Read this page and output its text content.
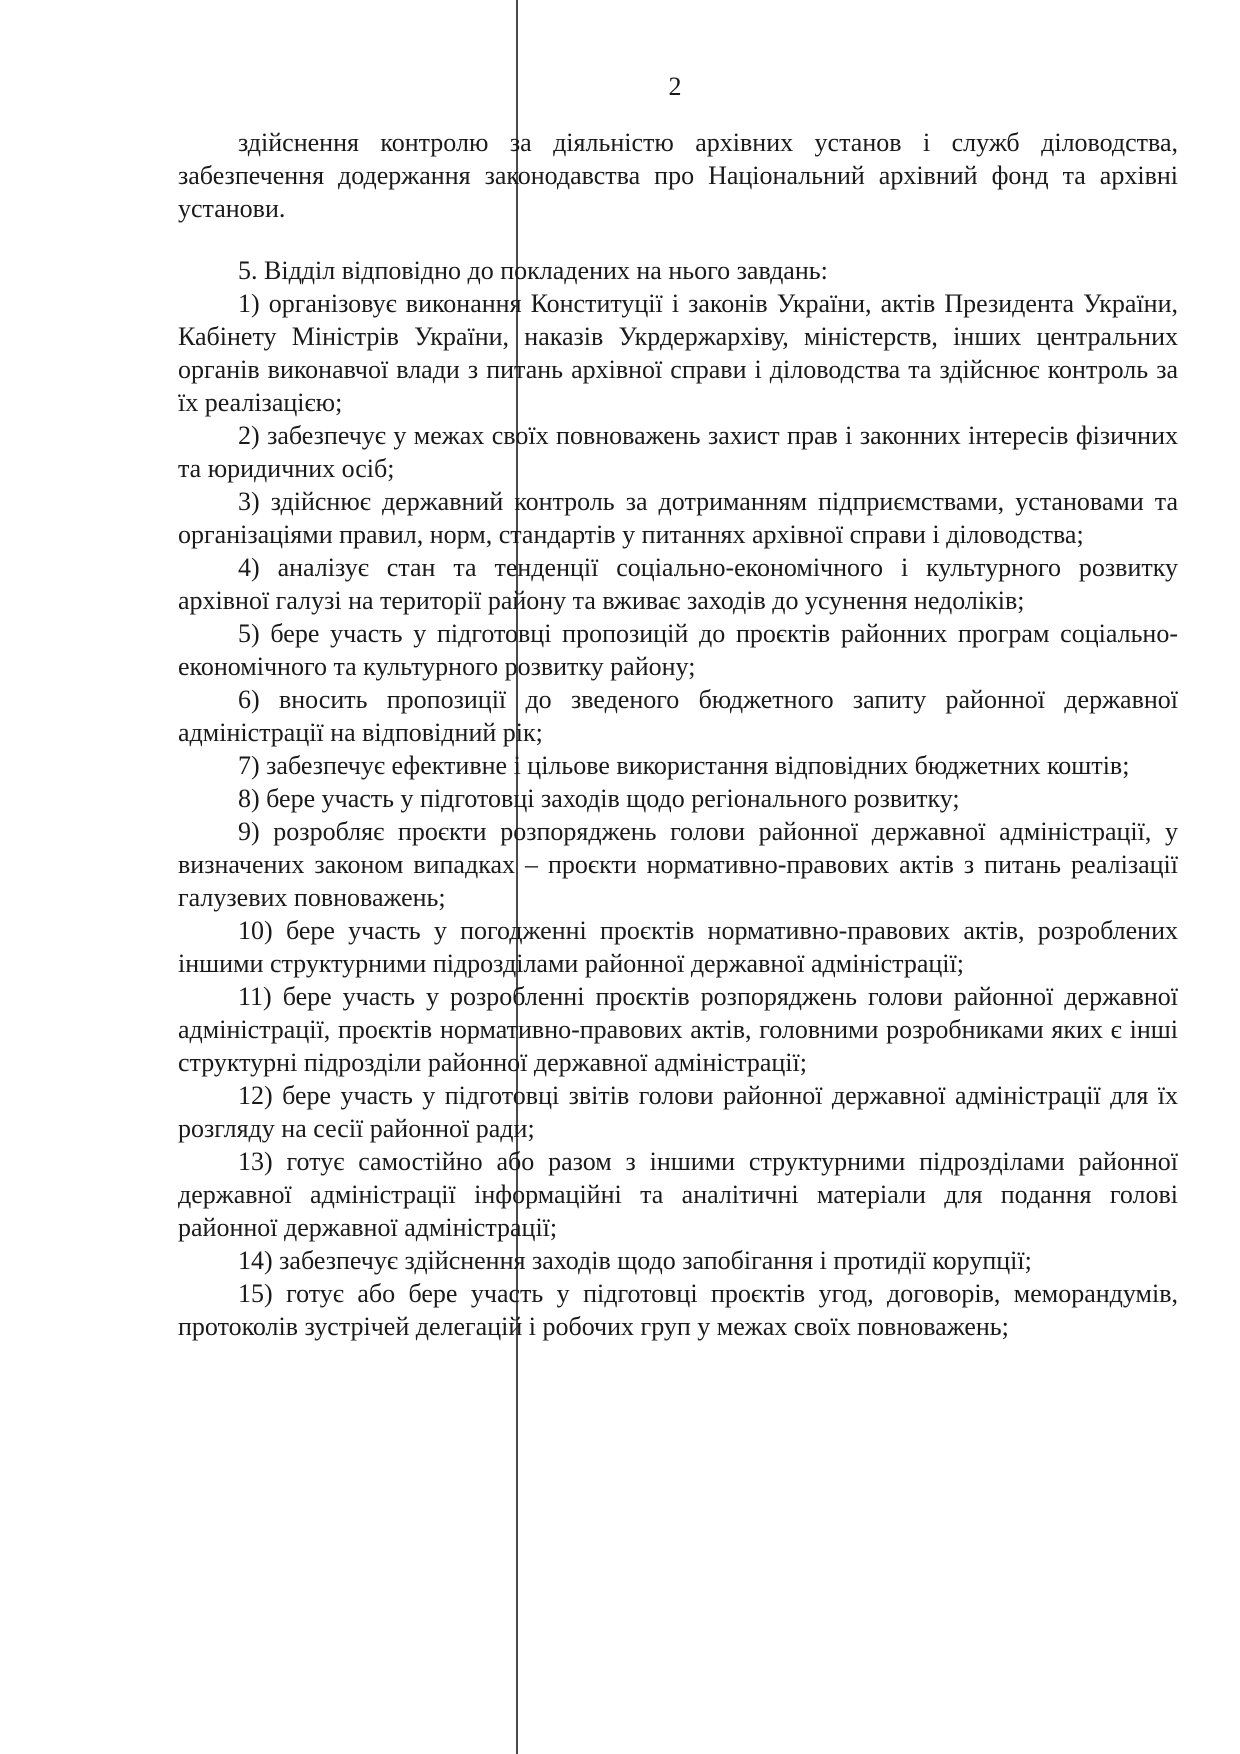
2

здійснення контролю за діяльністю архівних установ і служб діловодства, забезпечення додержання законодавства про Національний архівний фонд та архівні установи.

5. Відділ відповідно до покладених на нього завдань:

1) організовує виконання Конституції і законів України, актів Президента України, Кабінету Міністрів України, наказів Укрдержархіву, міністерств, інших центральних органів виконавчої влади з питань архівної справи і діловодства та здійснює контроль за їх реалізацією;

2) забезпечує у межах своїх повноважень захист прав і законних інтересів фізичних та юридичних осіб;

3) здійснює державний контроль за дотриманням підприємствами, установами та організаціями правил, норм, стандартів у питаннях архівної справи і діловодства;

4) аналізує стан та тенденції соціально-економічного і культурного розвитку архівної галузі на території району та вживає заходів до усунення недоліків;

5) бере участь у підготовці пропозицій до проєктів районних програм соціально-економічного та культурного розвитку району;

6) вносить пропозиції до зведеного бюджетного запиту районної державної адміністрації на відповідний рік;

7) забезпечує ефективне і цільове використання відповідних бюджетних коштів;

8) бере участь у підготовці заходів щодо регіонального розвитку;

9) розробляє проєкти розпоряджень голови районної державної адміністрації, у визначених законом випадках – проєкти нормативно-правових актів з питань реалізації галузевих повноважень;

10) бере участь у погодженні проєктів нормативно-правових актів, розроблених іншими структурними підрозділами районної державної адміністрації;

11) бере участь у розробленні проєктів розпоряджень голови районної державної адміністрації, проєктів нормативно-правових актів, головними розробниками яких є інші структурні підрозділи районної державної адміністрації;

12) бере участь у підготовці звітів голови районної державної адміністрації для їх розгляду на сесії районної ради;

13) готує самостійно або разом з іншими структурними підрозділами районної державної адміністрації інформаційні та аналітичні матеріали для подання голові районної державної адміністрації;

14) забезпечує здійснення заходів щодо запобігання і протидії корупції;

15) готує або бере участь у підготовці проєктів угод, договорів, меморандумів, протоколів зустрічей делегацій і робочих груп у межах своїх повноважень;
